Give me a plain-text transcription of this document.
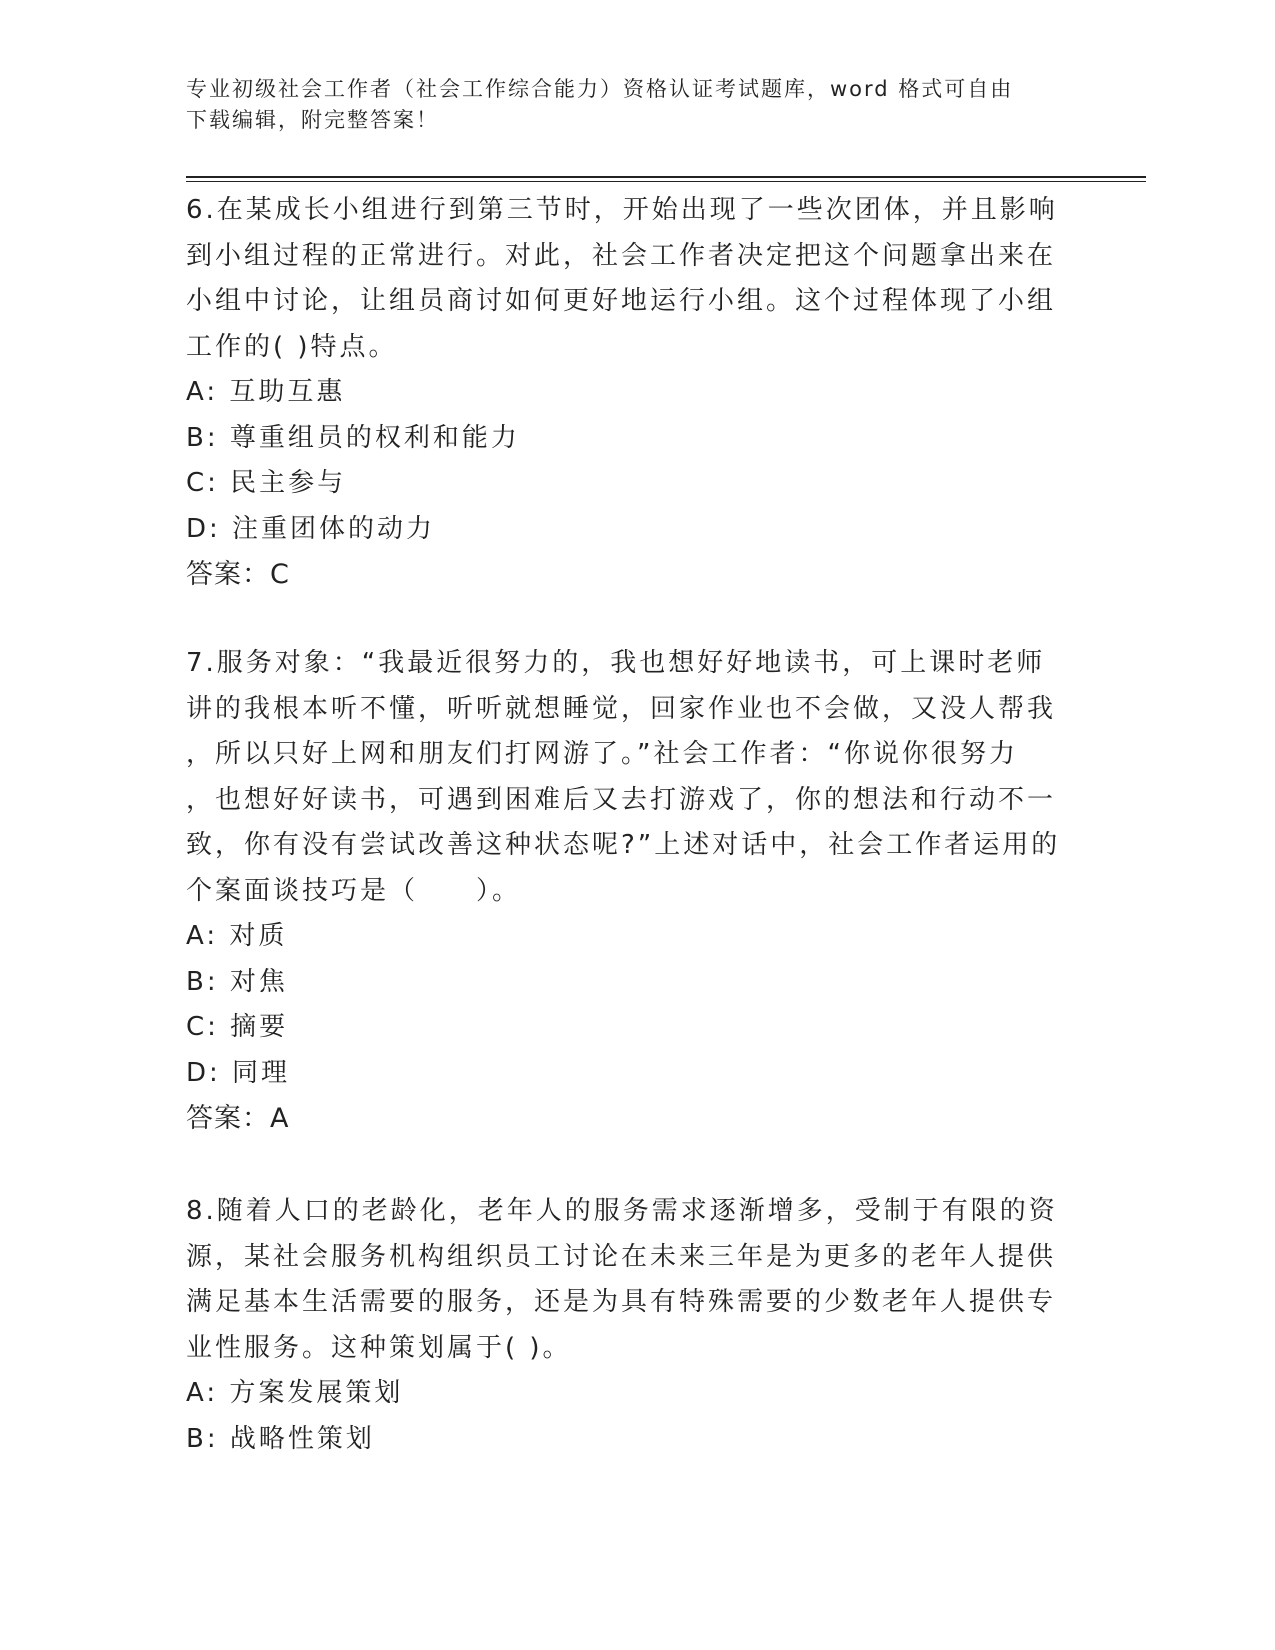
专业初级社会工作者（社会工作综合能力）资格认证考试题库，word 格式可自由
下载编辑，附完整答案！
6.在某成长小组进行到第三节时，开始出现了一些次团体，并且影响
到小组过程的正常进行。对此，社会工作者决定把这个问题拿出来在
小组中讨论，让组员商讨如何更好地运行小组。这个过程体现了小组
工作的( )特点。
A: 互助互惠
B: 尊重组员的权利和能力
C: 民主参与
D: 注重团体的动力
答案：C
7.服务对象：“我最近很努力的，我也想好好地读书，可上课时老师
讲的我根本听不懂，听听就想睡觉，回家作业也不会做，又没人帮我
，所以只好上网和朋友们打网游了。”社会工作者：“你说你很努力
，也想好好读书，可遇到困难后又去打游戏了，你的想法和行动不一
致，你有没有尝试改善这种状态呢?”上述对话中，社会工作者运用的
个案面谈技巧是（　　）。
A: 对质
B: 对焦
C: 摘要
D: 同理
答案：A
8.随着人口的老龄化，老年人的服务需求逐渐增多，受制于有限的资
源，某社会服务机构组织员工讨论在未来三年是为更多的老年人提供
满足基本生活需要的服务，还是为具有特殊需要的少数老年人提供专
业性服务。这种策划属于( )。
A: 方案发展策划
B: 战略性策划
